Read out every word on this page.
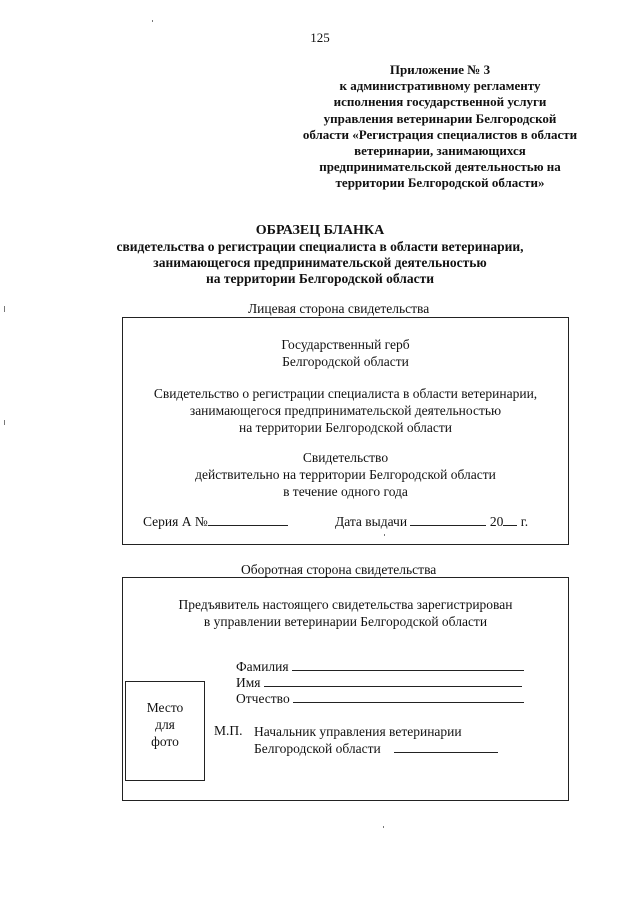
125
Приложение № 3
к административному регламенту
исполнения государственной услуги
управления ветеринарии Белгородской
области «Регистрация специалистов в области
ветеринарии, занимающихся
предпринимательской деятельностью на
территории Белгородской области»
ОБРАЗЕЦ БЛАНКА
свидетельства о регистрации специалиста в области ветеринарии,
занимающегося предпринимательской деятельностью
на территории Белгородской области
Лицевая сторона свидетельства
Государственный герб
Белгородской области
Свидетельство о регистрации специалиста в области ветеринарии,
занимающегося предпринимательской деятельностью
на территории Белгородской области
Свидетельство
действительно на территории Белгородской области
в течение одного года
Серия А №	Дата выдачи	20 г.
Оборотная сторона свидетельства
Предъявитель настоящего свидетельства зарегистрирован
в управлении ветеринарии Белгородской области
Фамилия
Имя
Отчество
Место
для
фото
М.П. Начальник управления ветеринарии
Белгородской области
